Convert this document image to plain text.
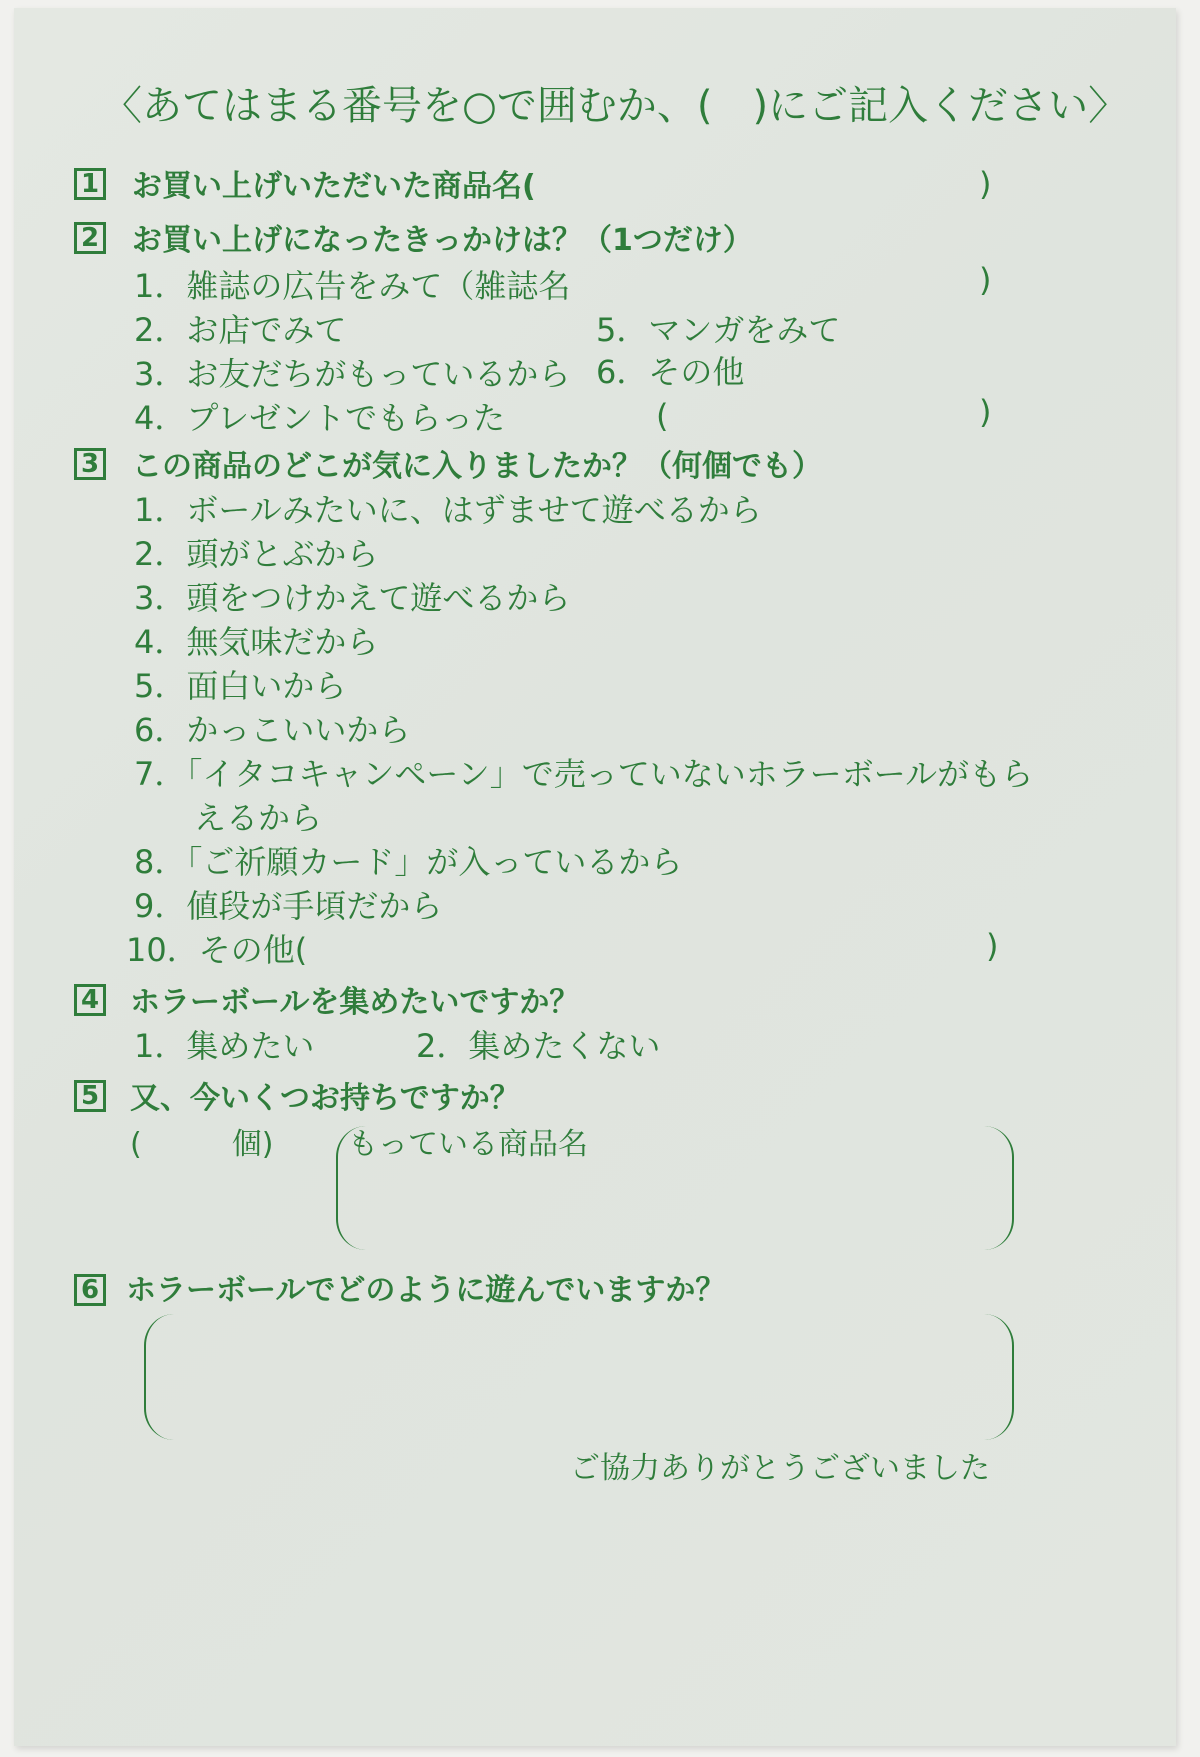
〈あてはまる番号を○で囲むか、(　)にご記入ください〉
1 お買い上げいただいた商品名(	)
2 お買い上げになったきっかけは？（1つだけ）
1．雑誌の広告をみて（雑誌名	)
2．お店でみて	5．マンガをみて
3．お友だちがもっているから 6．その他
4．プレゼントでもらった	(	)
3 この商品のどこが気に入りましたか？（何個でも）
1．ボールみたいに、はずませて遊べるから
2．頭がとぶから
3．頭をつけかえて遊べるから
4．無気味だから
5．面白いから
6．かっこいいから
7．「イタコキャンペーン」で売っていないホラーボールがもら
えるから
8．「ご祈願カード」が入っているから
9．値段が手頃だから
10．その他(	)
4 ホラーボールを集めたいですか？
1．集めたい	2．集めたくない
5 又、今いくつお持ちですか？
(　　　個) もっている商品名
6 ホラーボールでどのように遊んでいますか？
ご協力ありがとうございました
